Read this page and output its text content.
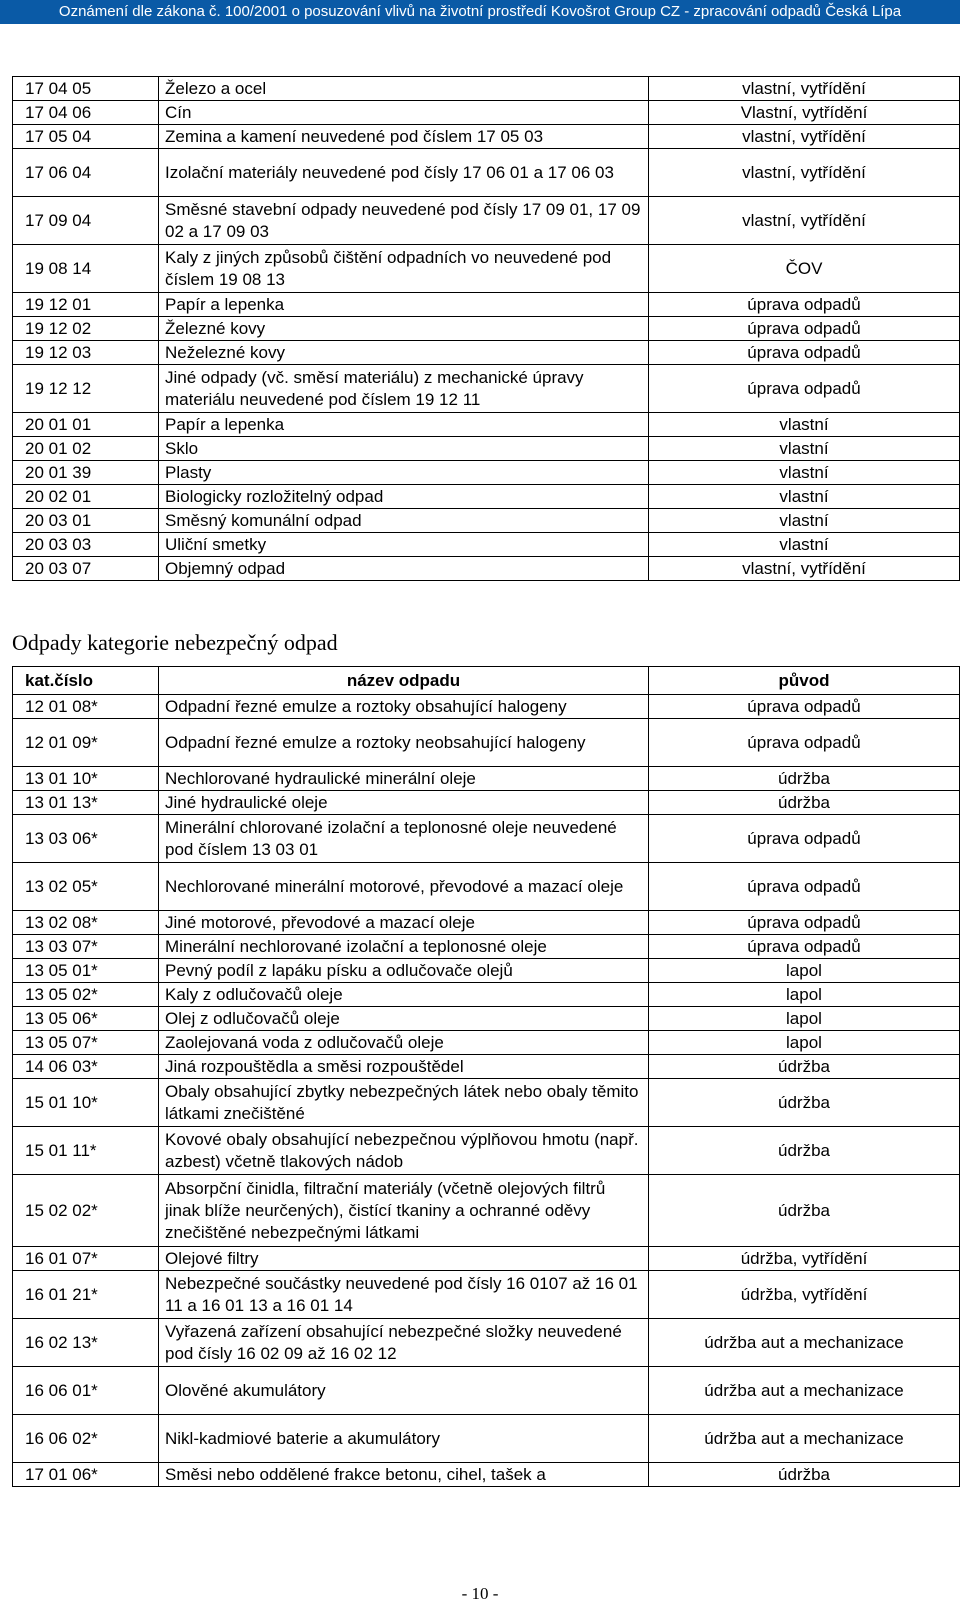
Oznámení dle zákona č. 100/2001 o posuzování vlivů na životní prostředí Kovošrot Group CZ - zpracování odpadů Česká Lípa
17 04 05	Železo a ocel	vlastní, vytřídění
17 04 06	Cín	Vlastní, vytřídění
17 05 04	Zemina a kamení neuvedené pod číslem 17 05 03	vlastní, vytřídění
17 06 04	Izolační materiály neuvedené pod čísly 17 06 01 a 17 06 03	vlastní, vytřídění
17 09 04	Směsné stavební odpady neuvedené pod čísly 17 09 01, 17 09 02 a 17 09 03	vlastní, vytřídění
19 08 14	Kaly z jiných způsobů čištění odpadních vo neuvedené pod číslem 19 08 13	ČOV
19 12 01	Papír a lepenka	úprava odpadů
19 12 02	Železné kovy	úprava odpadů
19 12 03	Neželezné kovy	úprava odpadů
19 12 12	Jiné odpady (vč. směsí materiálu) z mechanické úpravy materiálu neuvedené pod číslem 19 12 11	úprava odpadů
20 01 01	Papír a lepenka	vlastní
20 01 02	Sklo	vlastní
20 01 39	Plasty	vlastní
20 02 01	Biologicky rozložitelný odpad	vlastní
20 03 01	Směsný komunální odpad	vlastní
20 03 03	Uliční smetky	vlastní
20 03 07	Objemný odpad	vlastní, vytřídění
Odpady kategorie nebezpečný odpad
kat.číslo	název odpadu	původ
12 01 08*	Odpadní řezné emulze a roztoky obsahující halogeny	úprava odpadů
12 01 09*	Odpadní řezné emulze a roztoky neobsahující halogeny	úprava odpadů
13 01 10*	Nechlorované hydraulické minerální oleje	údržba
13 01 13*	Jiné hydraulické oleje	údržba
13 03 06*	Minerální chlorované izolační a teplonosné oleje neuvedené pod číslem 13 03 01	úprava odpadů
13 02 05*	Nechlorované minerální motorové, převodové a mazací oleje	úprava odpadů
13 02 08*	Jiné motorové, převodové a mazací oleje	úprava odpadů
13 03 07*	Minerální nechlorované izolační a teplonosné oleje	úprava odpadů
13 05 01*	Pevný podíl z lapáku písku a odlučovače olejů	lapol
13 05 02*	Kaly z odlučovačů oleje	lapol
13 05 06*	Olej z odlučovačů oleje	lapol
13 05 07*	Zaolejovaná voda z odlučovačů oleje	lapol
14 06 03*	Jiná rozpouštědla a směsi rozpouštědel	údržba
15 01 10*	Obaly obsahující zbytky nebezpečných látek nebo obaly těmito látkami znečištěné	údržba
15 01 11*	Kovové obaly obsahující nebezpečnou výplňovou hmotu (např. azbest) včetně tlakových nádob	údržba
15 02 02*	Absorpční činidla, filtrační materiály (včetně olejových filtrů jinak blíže neurčených), čistící tkaniny a ochranné oděvy znečištěné nebezpečnými látkami	údržba
16 01 07*	Olejové filtry	údržba, vytřídění
16 01 21*	Nebezpečné součástky neuvedené pod čísly 16 0107 až 16 01 11 a 16 01 13 a 16 01 14	údržba, vytřídění
16 02 13*	Vyřazená zařízení obsahující nebezpečné složky neuvedené pod čísly 16 02 09 až 16 02 12	údržba aut a mechanizace
16 06 01*	Olověné akumulátory	údržba aut a mechanizace
16 06 02*	Nikl-kadmiové baterie a akumulátory	údržba aut a mechanizace
17 01 06*	Směsi nebo oddělené frakce betonu, cihel, tašek a	údržba
- 10 -
